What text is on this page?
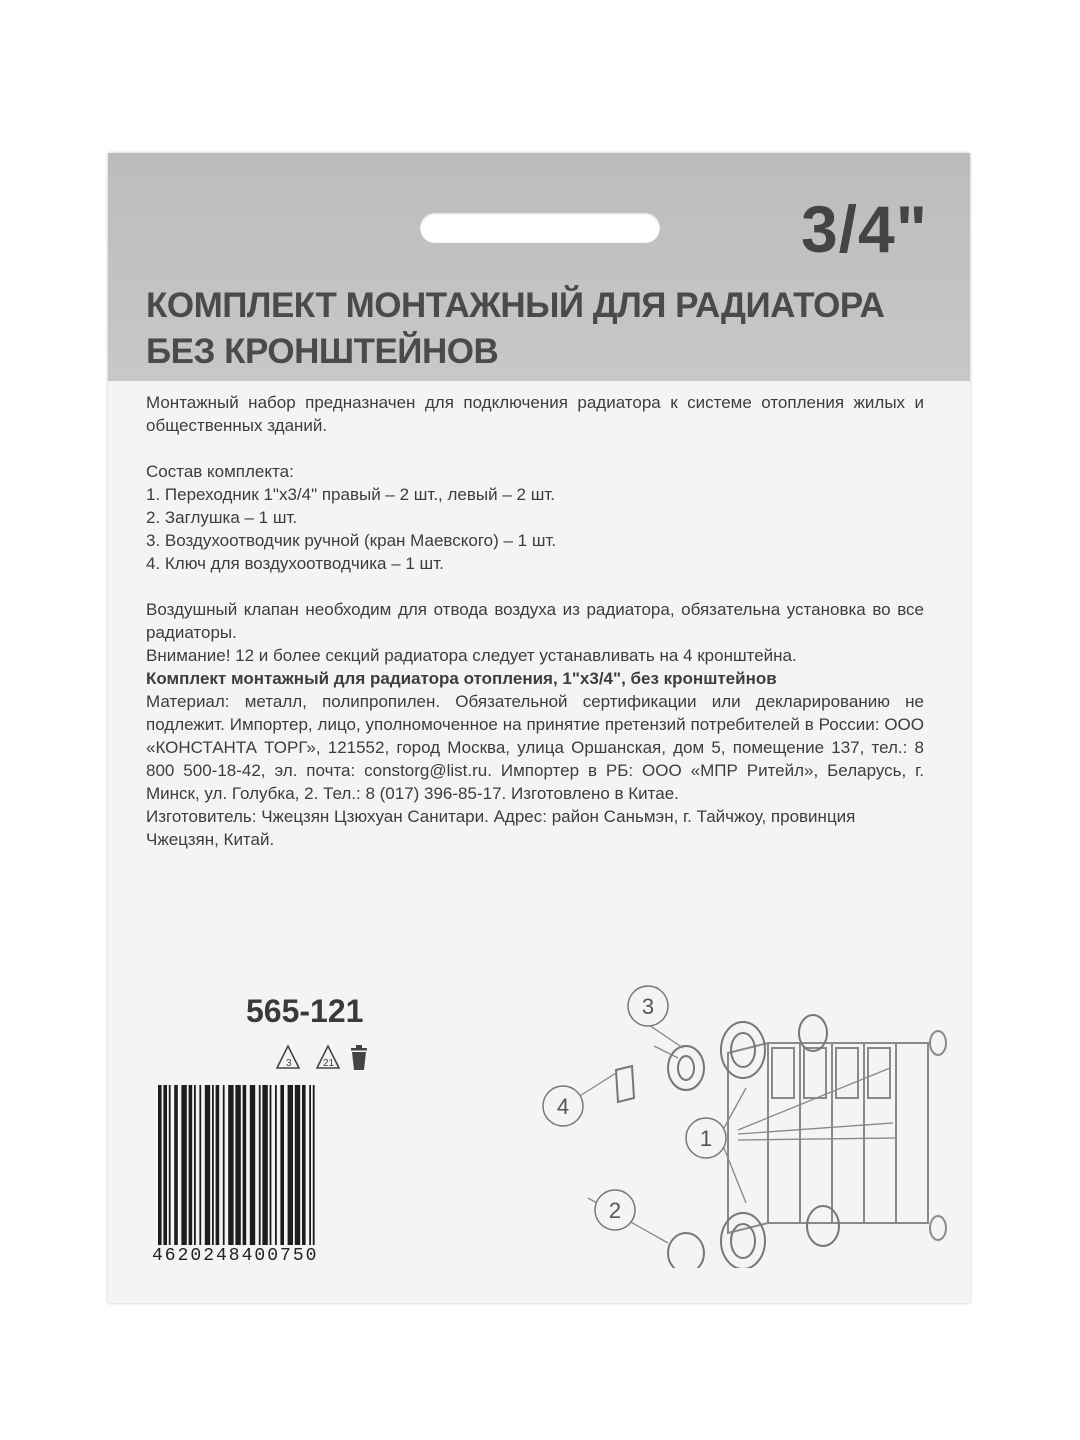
3/4"
КОМПЛЕКТ МОНТАЖНЫЙ ДЛЯ РАДИАТОРА
БЕЗ КРОНШТЕЙНОВ

Монтажный набор предназначен для подключения радиатора к системе отопления жилых и общественных зданий.

Состав комплекта:

1. Переходник 1"x3/4" правый – 2 шт., левый – 2 шт.

2. Заглушка – 1 шт.

3. Воздухоотводчик ручной (кран Маевского) – 1 шт.

4. Ключ для воздухоотводчика – 1 шт.

Воздушный клапан необходим для отвода воздуха из радиатора, обязательна установка во все радиаторы.

Внимание! 12 и более секций радиатора следует устанавливать на 4 кронштейна.

Комплект монтажный для радиатора отопления, 1"x3/4", без кронштейнов

Материал: металл, полипропилен. Обязательной сертификации или декларированию не подлежит. Импортер, лицо, уполномоченное на принятие претензий потребителей в России: ООО «КОНСТАНТА ТОРГ», 121552, город Москва, улица Оршанская, дом 5, помещение 137, тел.: 8 800 500-18-42, эл. почта: constorg@list.ru. Импортер в РБ: ООО «МПР Ритейл», Беларусь, г. Минск, ул. Голубка, 2. Тел.: 8 (017) 396-85-17. Изготовлено в Китае.

Изготовитель: Чжецзян Цзюхуан Санитари. Адрес: район Саньмэн, г. Тайчжоу, провинция Чжецзян, Китай.

565-121
3	21
4620248400750
1
2
3
4
